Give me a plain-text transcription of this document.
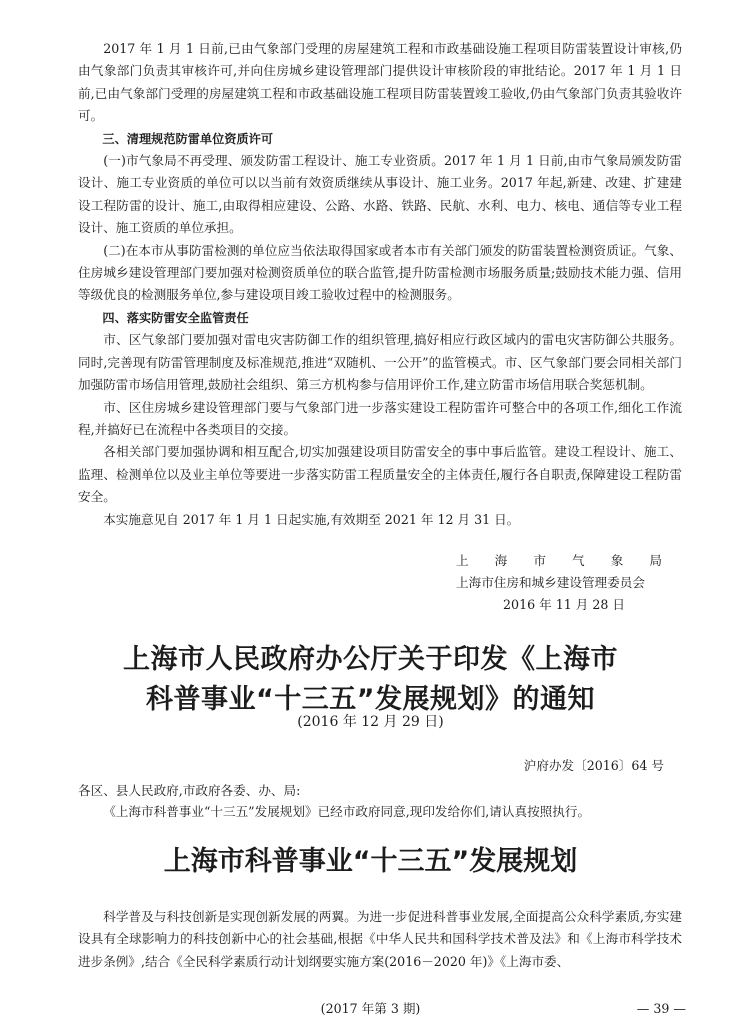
2017 年 1 月 1 日前,已由气象部门受理的房屋建筑工程和市政基础设施工程项目防雷装置设计审核,仍由气象部门负责其审核许可,并向住房城乡建设管理部门提供设计审核阶段的审批结论。2017 年 1 月 1 日前,已由气象部门受理的房屋建筑工程和市政基础设施工程项目防雷装置竣工验收,仍由气象部门负责其验收许可。

三、清理规范防雷单位资质许可

(一)市气象局不再受理、颁发防雷工程设计、施工专业资质。2017 年 1 月 1 日前,由市气象局颁发防雷设计、施工专业资质的单位可以以当前有效资质继续从事设计、施工业务。2017 年起,新建、改建、扩建建设工程防雷的设计、施工,由取得相应建设、公路、水路、铁路、民航、水利、电力、核电、通信等专业工程设计、施工资质的单位承担。

(二)在本市从事防雷检测的单位应当依法取得国家或者本市有关部门颁发的防雷装置检测资质证。气象、住房城乡建设管理部门要加强对检测资质单位的联合监管,提升防雷检测市场服务质量;鼓励技术能力强、信用等级优良的检测服务单位,参与建设项目竣工验收过程中的检测服务。

四、落实防雷安全监管责任

市、区气象部门要加强对雷电灾害防御工作的组织管理,搞好相应行政区域内的雷电灾害防御公共服务。同时,完善现有防雷管理制度及标准规范,推进“双随机、一公开”的监管模式。市、区气象部门要会同相关部门加强防雷市场信用管理,鼓励社会组织、第三方机构参与信用评价工作,建立防雷市场信用联合奖惩机制。

市、区住房城乡建设管理部门要与气象部门进一步落实建设工程防雷许可整合中的各项工作,细化工作流程,并搞好已在流程中各类项目的交接。

各相关部门要加强协调和相互配合,切实加强建设项目防雷安全的事中事后监管。建设工程设计、施工、监理、检测单位以及业主单位等要进一步落实防雷工程质量安全的主体责任,履行各自职责,保障建设工程防雷安全。

本实施意见自 2017 年 1 月 1 日起实施,有效期至 2021 年 12 月 31 日。

上 海 市 气 象 局
上海市住房和城乡建设管理委员会
2016 年 11 月 28 日
上海市人民政府办公厅关于印发《上海市
科普事业“十三五”发展规划》的通知
(2016 年 12 月 29 日)
沪府办发〔2016〕64 号
各区、县人民政府,市政府各委、办、局:

《上海市科普事业“十三五”发展规划》已经市政府同意,现印发给你们,请认真按照执行。

上海市科普事业“十三五”发展规划

科学普及与科技创新是实现创新发展的两翼。为进一步促进科普事业发展,全面提高公众科学素质,夯实建设具有全球影响力的科技创新中心的社会基础,根据《中华人民共和国科学技术普及法》和《上海市科学技术进步条例》,结合《全民科学素质行动计划纲要实施方案(2016－2020 年)》《上海市委、

(2017 年第 3 期)	— 39 —
